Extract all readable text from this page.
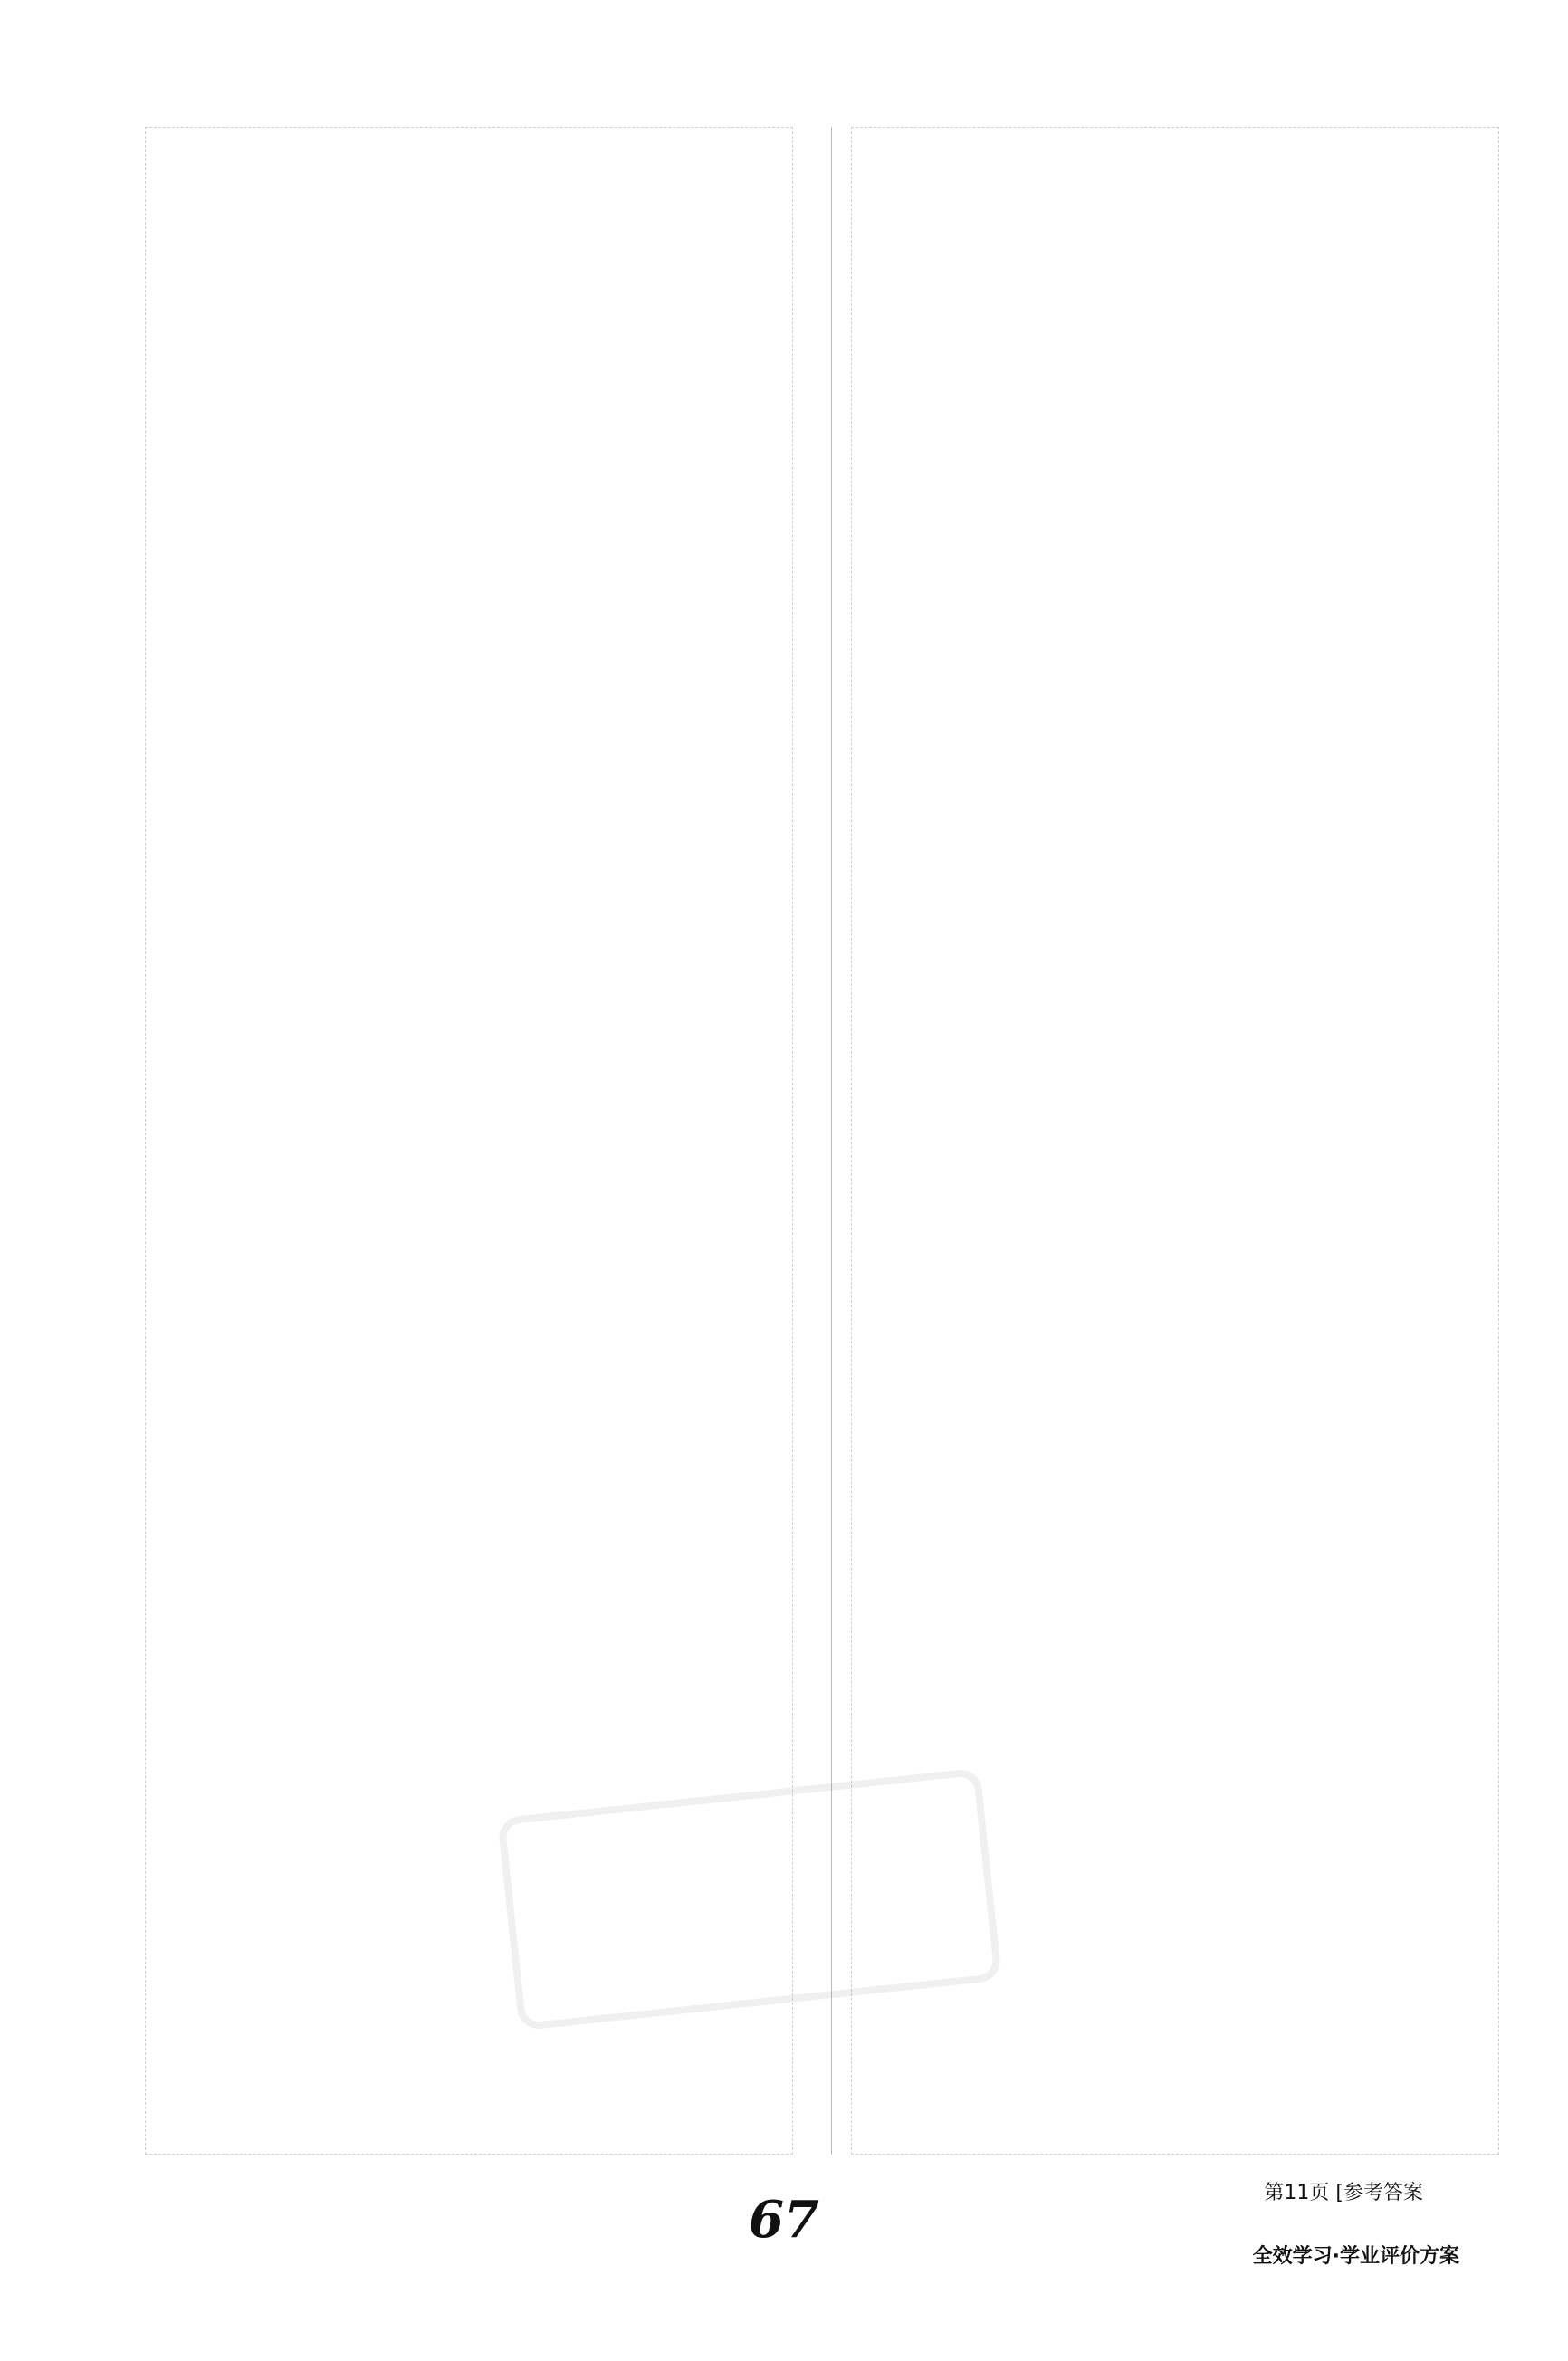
67	第11页 [参考答案
全效学习·学业评价方案
